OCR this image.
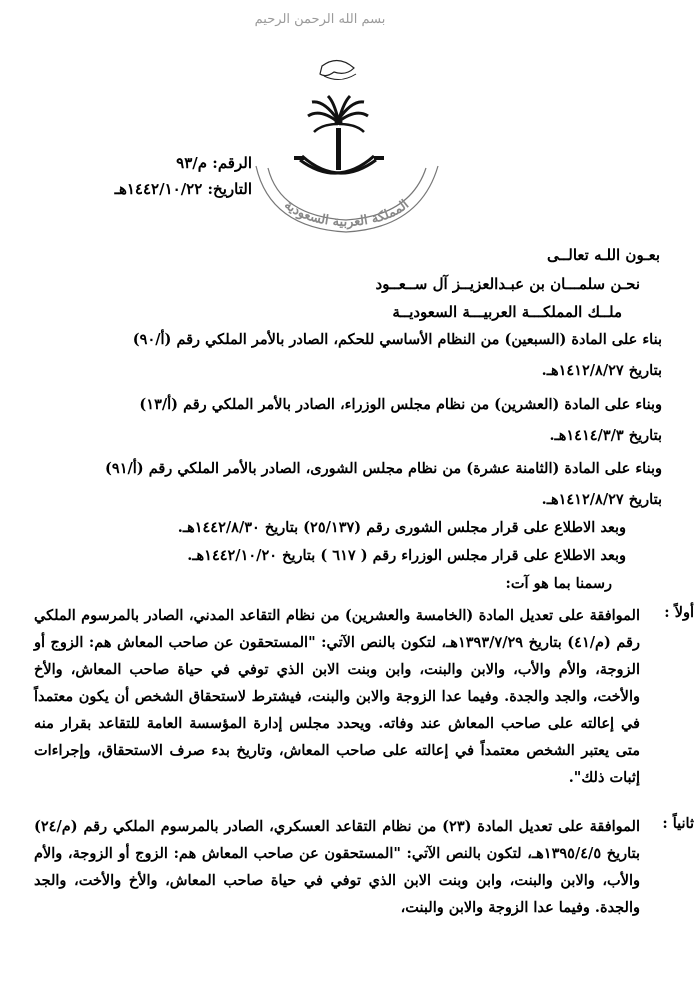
بسم الله الرحمن الرحيم
المملكة العربية السعودية
الرقم: م/٩٣
التاريخ: ١٤٤٢/١٠/٢٢هـ
بعـون اللـه تعالــى
نحـن سلمـــان بن عبـدالعزيــز آل ســعــود
ملــك المملكـــة العربيـــة السعوديــة
بناء على المادة (السبعين) من النظام الأساسي للحكم، الصادر بالأمر الملكي رقم (أ/٩٠)
بتاريخ ١٤١٢/٨/٢٧هـ.
وبناء على المادة (العشرين) من نظام مجلس الوزراء، الصادر بالأمر الملكي رقم (أ/١٣)
بتاريخ ١٤١٤/٣/٣هـ.
وبناء على المادة (الثامنة عشرة) من نظام مجلس الشورى، الصادر بالأمر الملكي رقم (أ/٩١)
بتاريخ ١٤١٢/٨/٢٧هـ.
وبعد الاطلاع على قرار مجلس الشورى رقم (٢٥/١٣٧) بتاريخ ١٤٤٢/٨/٣٠هـ.
وبعد الاطلاع على قرار مجلس الوزراء رقم ( ٦١٧ ) بتاريخ ١٤٤٢/١٠/٢٠هـ.
رسمنا بما هو آت:
أولاً :
الموافقة على تعديل المادة (الخامسة والعشرين) من نظام التقاعد المدني، الصادر بالمرسوم الملكي رقم (م/٤١) بتاريخ ١٣٩٣/٧/٢٩هـ، لتكون بالنص الآتي: "المستحقون عن صاحب المعاش هم: الزوج أو الزوجة، والأم والأب، والابن والبنت، وابن وبنت الابن الذي توفي في حياة صاحب المعاش، والأخ والأخت، والجد والجدة. وفيما عدا الزوجة والابن والبنت، فيشترط لاستحقاق الشخص أن يكون معتمداً في إعالته على صاحب المعاش عند وفاته. ويحدد مجلس إدارة المؤسسة العامة للتقاعد بقرار منه متى يعتبر الشخص معتمداً في إعالته على صاحب المعاش، وتاريخ بدء صرف الاستحقاق، وإجراءات إثبات ذلك".
ثانياً :
الموافقة على تعديل المادة (٢٣) من نظام التقاعد العسكري، الصادر بالمرسوم الملكي رقم (م/٢٤) بتاريخ ١٣٩٥/٤/٥هـ، لتكون بالنص الآتي: "المستحقون عن صاحب المعاش هم: الزوج أو الزوجة، والأم والأب، والابن والبنت، وابن وبنت الابن الذي توفي في حياة صاحب المعاش، والأخ والأخت، والجد والجدة. وفيما عدا الزوجة والابن والبنت،
